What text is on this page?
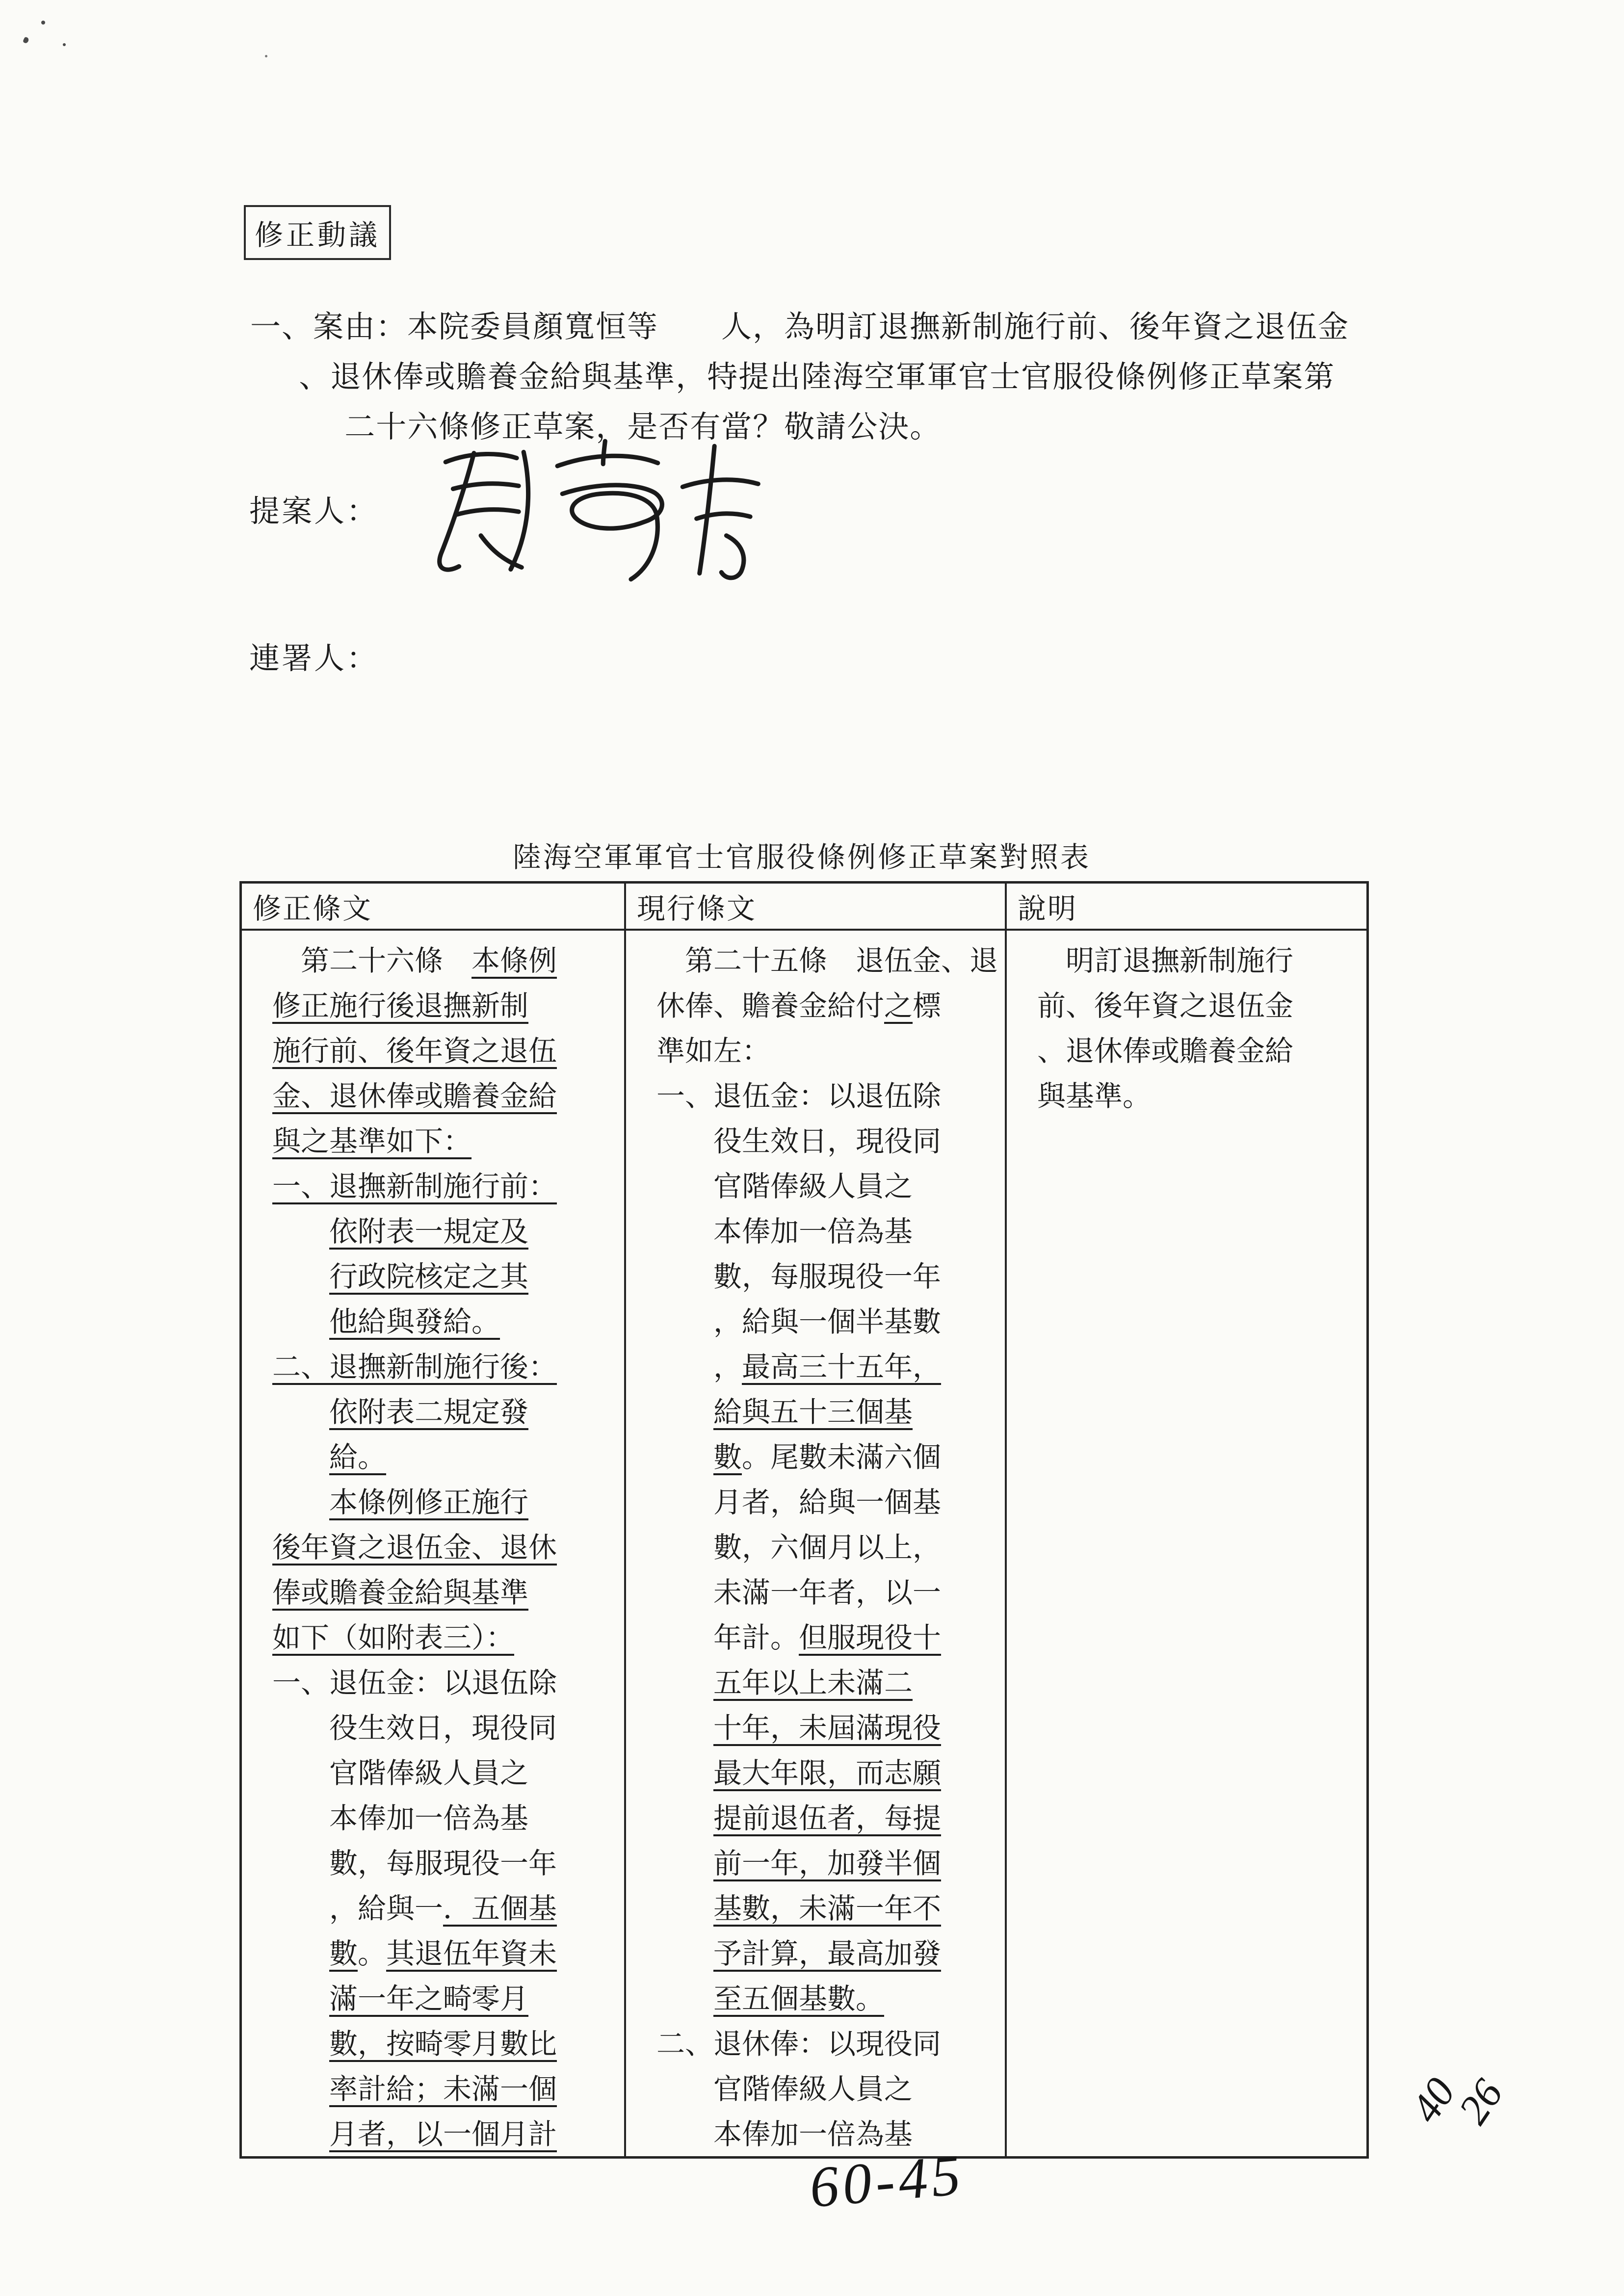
修正動議
一、案由：本院委員顏寬恒等　　人，為明訂退撫新制施行前、後年資之退伍金
、退休俸或贍養金給與基準，特提出陸海空軍軍官士官服役條例修正草案第
二十六條修正草案，是否有當？敬請公決。
提案人：
連署人：
陸海空軍軍官士官服役條例修正草案對照表
修正條文	現行條文	說明
第二十六條　本條例
修正施行後退撫新制
施行前、後年資之退伍
金、退休俸或贍養金給
與之基準如下：
一、退撫新制施行前：
依附表一規定及
行政院核定之其
他給與發給。
二、退撫新制施行後：
依附表二規定發
給。
本條例修正施行
後年資之退伍金、退休
俸或贍養金給與基準
如下（如附表三）：
一、退伍金：以退伍除
役生效日，現役同
官階俸級人員之
本俸加一倍為基
數，每服現役一年
，給與一．五個基
數。其退伍年資未
滿一年之畸零月
數，按畸零月數比
率計給；未滿一個
月者，以一個月計
第二十五條　退伍金、退
休俸、贍養金給付之標
準如左：
一、退伍金：以退伍除
役生效日，現役同
官階俸級人員之
本俸加一倍為基
數，每服現役一年
，給與一個半基數
，最高三十五年，
給與五十三個基
數。尾數未滿六個
月者，給與一個基
數，六個月以上，
未滿一年者，以一
年計。但服現役十
五年以上未滿二
十年，未屆滿現役
最大年限，而志願
提前退伍者，每提
前一年，加發半個
基數，未滿一年不
予計算，最高加發
至五個基數。
二、退休俸：以現役同
官階俸級人員之
本俸加一倍為基
明訂退撫新制施行
前、後年資之退伍金
、退休俸或贍養金給
與基準。
60-45
40
26
